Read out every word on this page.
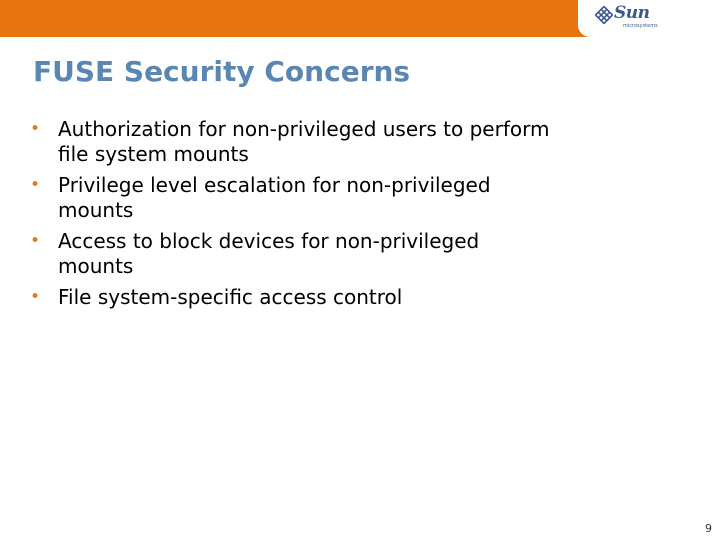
Sun
microsystems
FUSE Security Concerns
• Authorization for non-privileged users to perform file system mounts
• Privilege level escalation for non-privileged mounts
• Access to block devices for non-privileged mounts
• File system-specific access control
9
